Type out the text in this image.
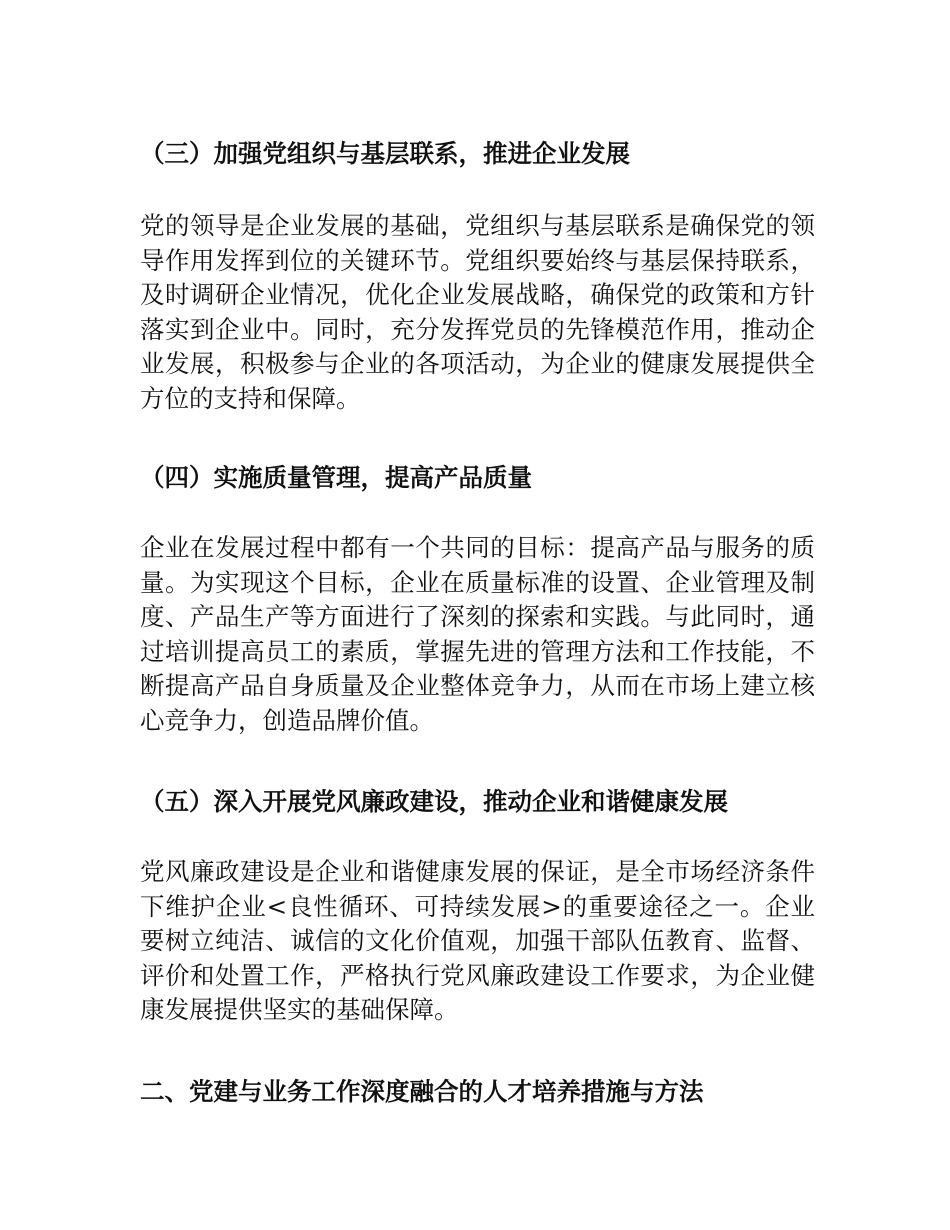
（三）加强党组织与基层联系，推进企业发展
党的领导是企业发展的基础，党组织与基层联系是确保党的领
导作用发挥到位的关键环节。党组织要始终与基层保持联系，
及时调研企业情况，优化企业发展战略，确保党的政策和方针
落实到企业中。同时，充分发挥党员的先锋模范作用，推动企
业发展，积极参与企业的各项活动，为企业的健康发展提供全
方位的支持和保障。
（四）实施质量管理，提高产品质量
企业在发展过程中都有一个共同的目标：提高产品与服务的质
量。为实现这个目标，企业在质量标准的设置、企业管理及制
度、产品生产等方面进行了深刻的探索和实践。与此同时，通
过培训提高员工的素质，掌握先进的管理方法和工作技能，不
断提高产品自身质量及企业整体竞争力，从而在市场上建立核
心竞争力，创造品牌价值。
（五）深入开展党风廉政建设，推动企业和谐健康发展
党风廉政建设是企业和谐健康发展的保证，是全市场经济条件
下维护企业<良性循环、可持续发展>的重要途径之一。企业
要树立纯洁、诚信的文化价值观，加强干部队伍教育、监督、
评价和处置工作，严格执行党风廉政建设工作要求，为企业健
康发展提供坚实的基础保障。
二、党建与业务工作深度融合的人才培养措施与方法
